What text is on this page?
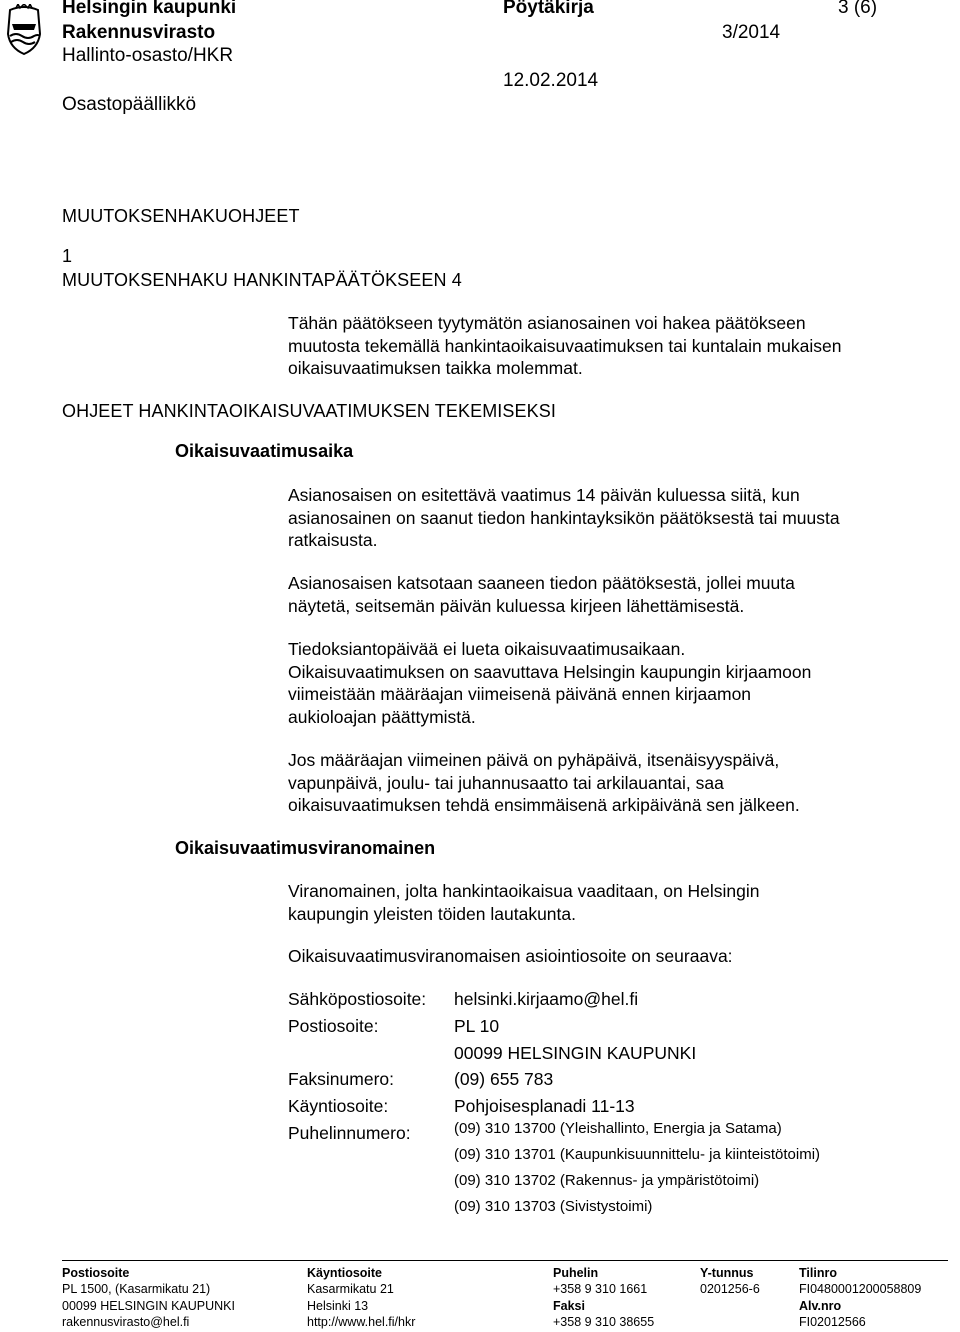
Helsingin kaupunki
Rakennusvirasto
Hallinto-osasto/HKR
Osastopäällikkö
Pöytäkirja
3/2014
12.02.2014
3 (6)
MUUTOKSENHAKUOHJEET
1
MUUTOKSENHAKU HANKINTAPÄÄTÖKSEEN 4
Tähän päätökseen tyytymätön asianosainen voi hakea päätökseen
muutosta tekemällä hankintaoikaisuvaatimuksen tai kuntalain mukaisen
oikaisuvaatimuksen taikka molemmat.
OHJEET HANKINTAOIKAISUVAATIMUKSEN TEKEMISEKSI
Oikaisuvaatimusaika
Asianosaisen on esitettävä vaatimus 14 päivän kuluessa siitä, kun
asianosainen on saanut tiedon hankintayksikön päätöksestä tai muusta
ratkaisusta.
Asianosaisen katsotaan saaneen tiedon päätöksestä, jollei muuta
näytetä, seitsemän päivän kuluessa kirjeen lähettämisestä.
Tiedoksiantopäivää ei lueta oikaisuvaatimusaikaan.
Oikaisuvaatimuksen on saavuttava Helsingin kaupungin kirjaamoon
viimeistään määräajan viimeisenä päivänä ennen kirjaamon
aukioloajan päättymistä.
Jos määräajan viimeinen päivä on pyhäpäivä, itsenäisyyspäivä,
vapunpäivä, joulu- tai juhannusaatto tai arkilauantai, saa
oikaisuvaatimuksen tehdä ensimmäisenä arkipäivänä sen jälkeen.
Oikaisuvaatimusviranomainen
Viranomainen, jolta hankintaoikaisua vaaditaan, on Helsingin
kaupungin yleisten töiden lautakunta.
Oikaisuvaatimusviranomaisen asiointiosoite on seuraava:
Sähköpostiosoite: helsinki.kirjaamo@hel.fi
Postiosoite:	PL 10
00099 HELSINGIN KAUPUNKI
Faksinumero:	(09) 655 783
Käyntiosoite:	Pohjoisesplanadi 11-13
Puhelinnumero:	(09) 310 13700 (Yleishallinto, Energia ja Satama)
(09) 310 13701 (Kaupunkisuunnittelu- ja kiinteistötoimi)
(09) 310 13702 (Rakennus- ja ympäristötoimi)
(09) 310 13703 (Sivistystoimi)
Postiosoite
PL 1500, (Kasarmikatu 21)
00099 HELSINGIN KAUPUNKI
rakennusvirasto@hel.fi
Käyntiosoite
Kasarmikatu 21
Helsinki 13
http://www.hel.fi/hkr
Puhelin
+358 9 310 1661
Faksi
+358 9 310 38655
Y-tunnus
0201256-6
Tilinro
FI0480001200058809
Alv.nro
FI02012566
